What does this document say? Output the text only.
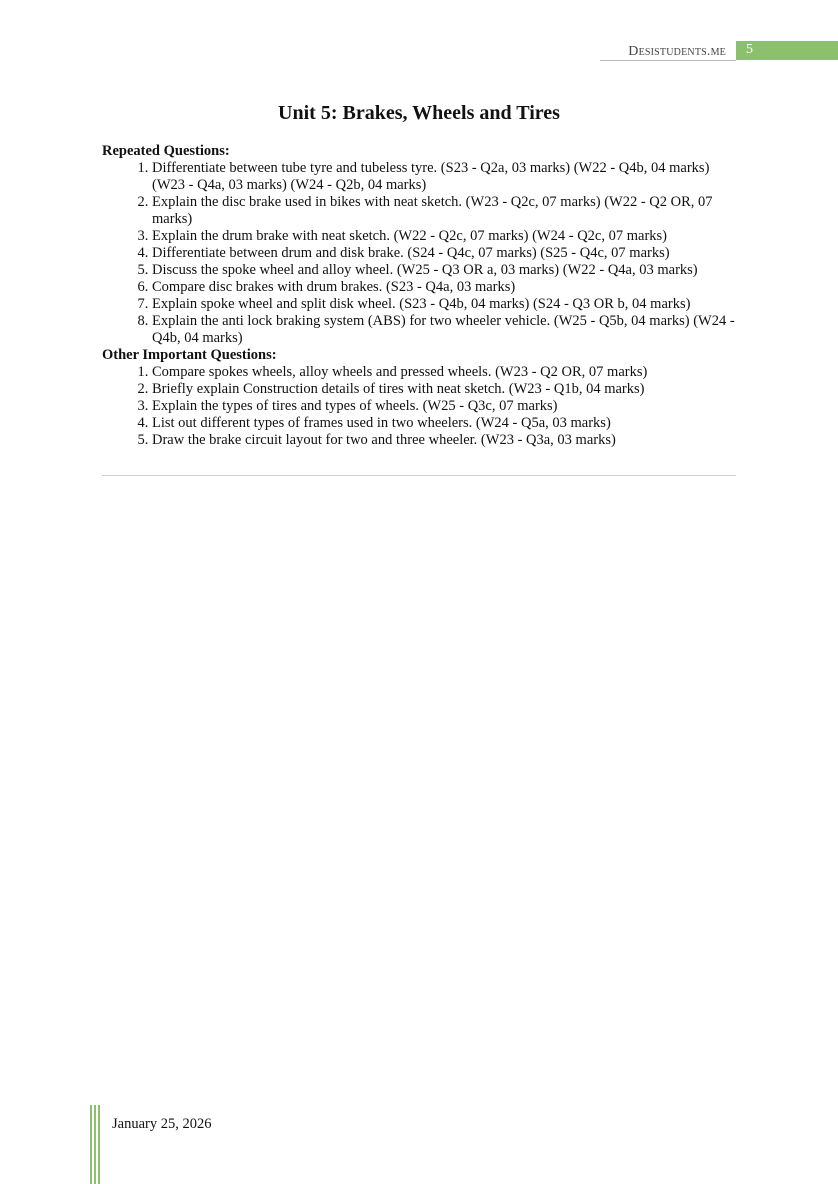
Desistudents.me 5
Unit 5: Brakes, Wheels and Tires

Repeated Questions:

1. Differentiate between tube tyre and tubeless tyre. (S23 - Q2a, 03 marks) (W22 - Q4b, 04 marks) (W23 - Q4a, 03 marks) (W24 - Q2b, 04 marks)
2. Explain the disc brake used in bikes with neat sketch. (W23 - Q2c, 07 marks) (W22 - Q2 OR, 07 marks)
3. Explain the drum brake with neat sketch. (W22 - Q2c, 07 marks) (W24 - Q2c, 07 marks)
4. Differentiate between drum and disk brake. (S24 - Q4c, 07 marks) (S25 - Q4c, 07 marks)
5. Discuss the spoke wheel and alloy wheel. (W25 - Q3 OR a, 03 marks) (W22 - Q4a, 03 marks)
6. Compare disc brakes with drum brakes. (S23 - Q4a, 03 marks)
7. Explain spoke wheel and split disk wheel. (S23 - Q4b, 04 marks) (S24 - Q3 OR b, 04 marks)
8. Explain the anti lock braking system (ABS) for two wheeler vehicle. (W25 - Q5b, 04 marks) (W24 - Q4b, 04 marks)

Other Important Questions:

1. Compare spokes wheels, alloy wheels and pressed wheels. (W23 - Q2 OR, 07 marks)
2. Briefly explain Construction details of tires with neat sketch. (W23 - Q1b, 04 marks)
3. Explain the types of tires and types of wheels. (W25 - Q3c, 07 marks)
4. List out different types of frames used in two wheelers. (W24 - Q5a, 03 marks)
5. Draw the brake circuit layout for two and three wheeler. (W23 - Q3a, 03 marks)
January 25, 2026
